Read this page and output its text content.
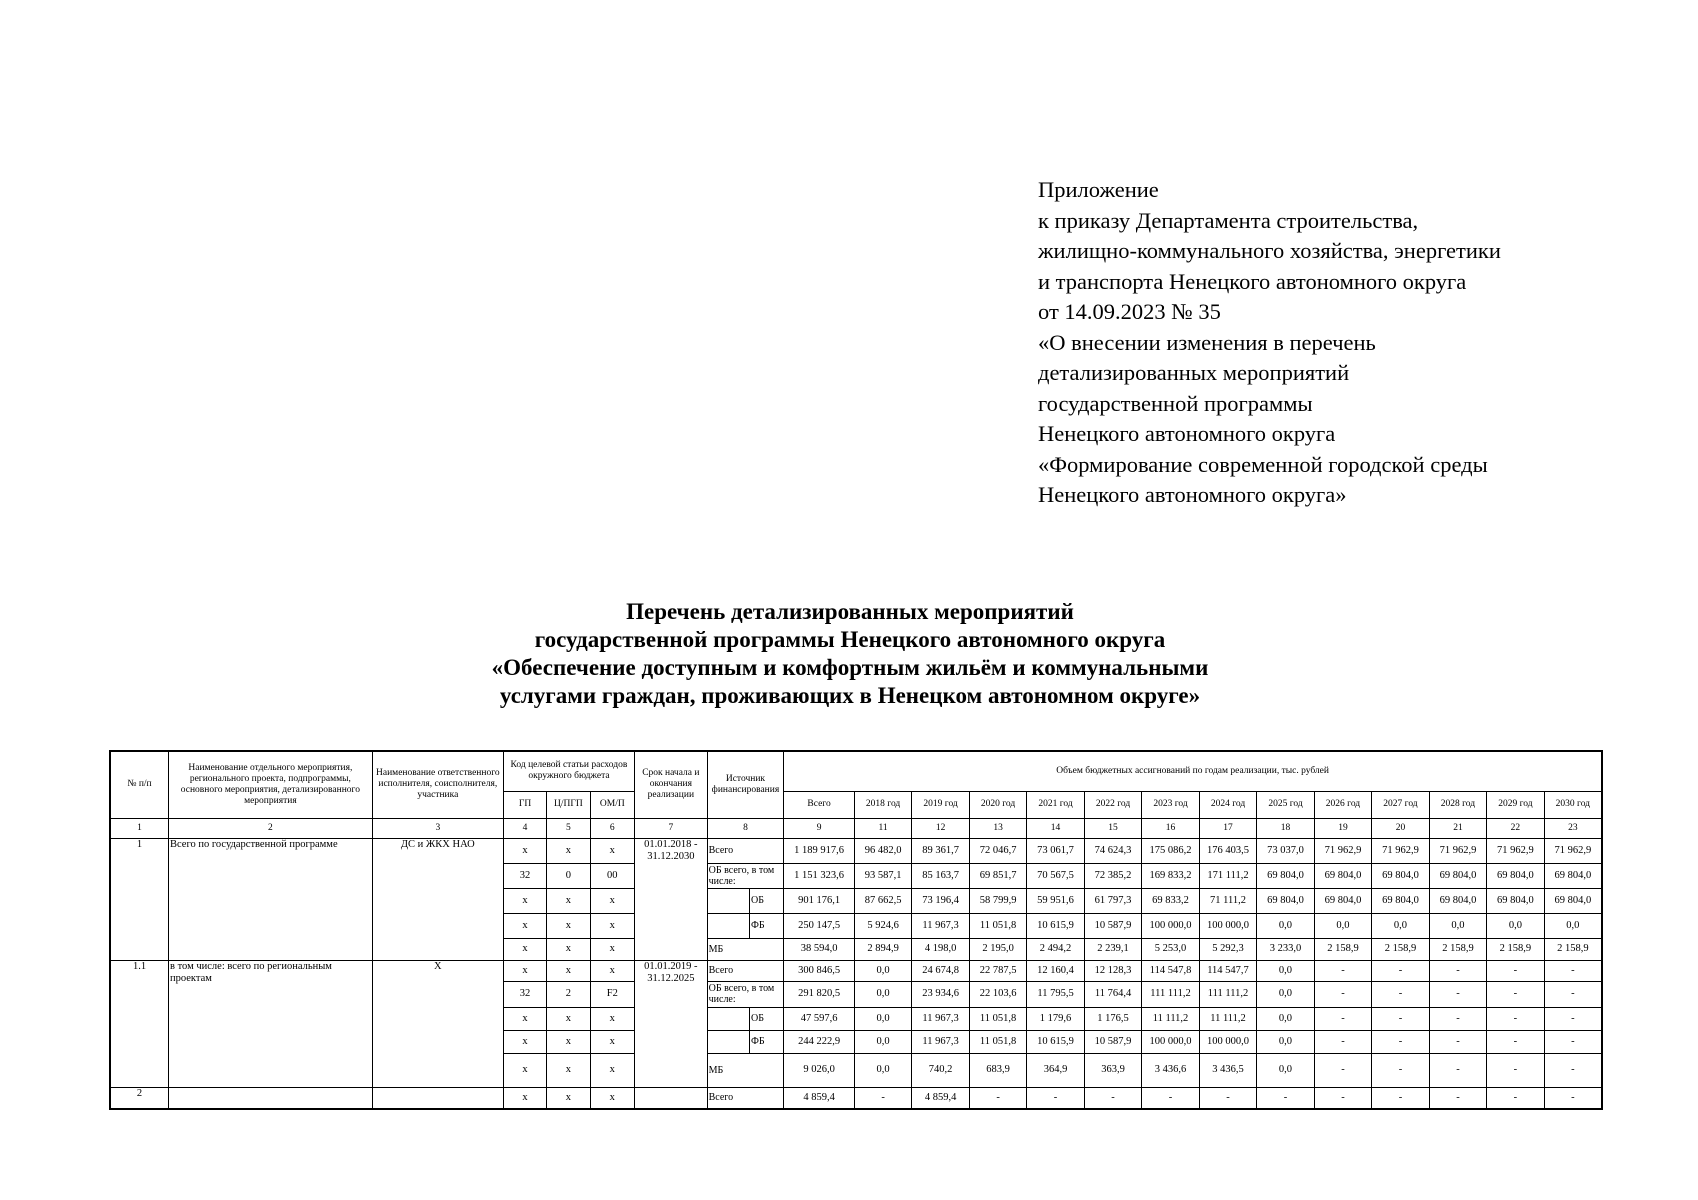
Приложение
к приказу Департамента строительства,
жилищно-коммунального хозяйства, энергетики
и транспорта Ненецкого автономного округа
от 14.09.2023 № 35
«О внесении изменения в перечень
детализированных мероприятий
государственной программы
Ненецкого автономного округа
«Формирование современной городской среды
Ненецкого автономного округа»
Перечень детализированных мероприятий
государственной программы Ненецкого автономного округа
«Обеспечение доступным и комфортным жильём и коммунальными
услугами граждан, проживающих в Ненецком автономном округе»
№ п/п	Наименование отдельного мероприятия, регионального проекта, подпрограммы, основного мероприятия, детализированного мероприятия	Наименование ответственного исполнителя, соисполнителя, участника	Код целевой статьи расходов окружного бюджета			Срок начала и окончания реализации	Источник финансирования		Объем бюджетных ассигнований по годам реализации, тыс. рублей													
			ГП	Ц/ПГП	ОМ/П				Всего	2018 год	2019 год	2020 год	2021 год	2022 год	2023 год	2024 год	2025 год	2026 год	2027 год	2028 год	2029 год	2030 год
1	2	3	4	5	6	7	8		9	11	12	13	14	15	16	17	18	19	20	21	22	23
1	Всего по государственной программе	ДС и ЖКХ НАО	х	х	х	01.01.2018 - 31.12.2030	Всего		1 189 917,6	96 482,0	89 361,7	72 046,7	73 061,7	74 624,3	175 086,2	176 403,5	73 037,0	71 962,9	71 962,9	71 962,9	71 962,9	71 962,9
			32	0	00		ОБ всего, в том числе:		1 151 323,6	93 587,1	85 163,7	69 851,7	70 567,5	72 385,2	169 833,2	171 111,2	69 804,0	69 804,0	69 804,0	69 804,0	69 804,0	69 804,0
			х	х	х			ОБ	901 176,1	87 662,5	73 196,4	58 799,9	59 951,6	61 797,3	69 833,2	71 111,2	69 804,0	69 804,0	69 804,0	69 804,0	69 804,0	69 804,0
			х	х	х			ФБ	250 147,5	5 924,6	11 967,3	11 051,8	10 615,9	10 587,9	100 000,0	100 000,0	0,0	0,0	0,0	0,0	0,0	0,0
			х	х	х		МБ		38 594,0	2 894,9	4 198,0	2 195,0	2 494,2	2 239,1	5 253,0	5 292,3	3 233,0	2 158,9	2 158,9	2 158,9	2 158,9	2 158,9
1.1	в том числе: всего по региональным проектам	Х	х	х	х	01.01.2019 - 31.12.2025	Всего		300 846,5	0,0	24 674,8	22 787,5	12 160,4	12 128,3	114 547,8	114 547,7	0,0	-	-	-	-	-
			32	2	F2		ОБ всего, в том числе:		291 820,5	0,0	23 934,6	22 103,6	11 795,5	11 764,4	111 111,2	111 111,2	0,0	-	-	-	-	-
			х	х	х			ОБ	47 597,6	0,0	11 967,3	11 051,8	1 179,6	1 176,5	11 111,2	11 111,2	0,0	-	-	-	-	-
			х	х	х			ФБ	244 222,9	0,0	11 967,3	11 051,8	10 615,9	10 587,9	100 000,0	100 000,0	0,0	-	-	-	-	-
			х	х	х		МБ		9 026,0	0,0	740,2	683,9	364,9	363,9	3 436,6	3 436,5	0,0	-	-	-	-	-
2			х	х	х		Всего		4 859,4	-	4 859,4	-	-	-	-	-	-	-	-	-	-	-
